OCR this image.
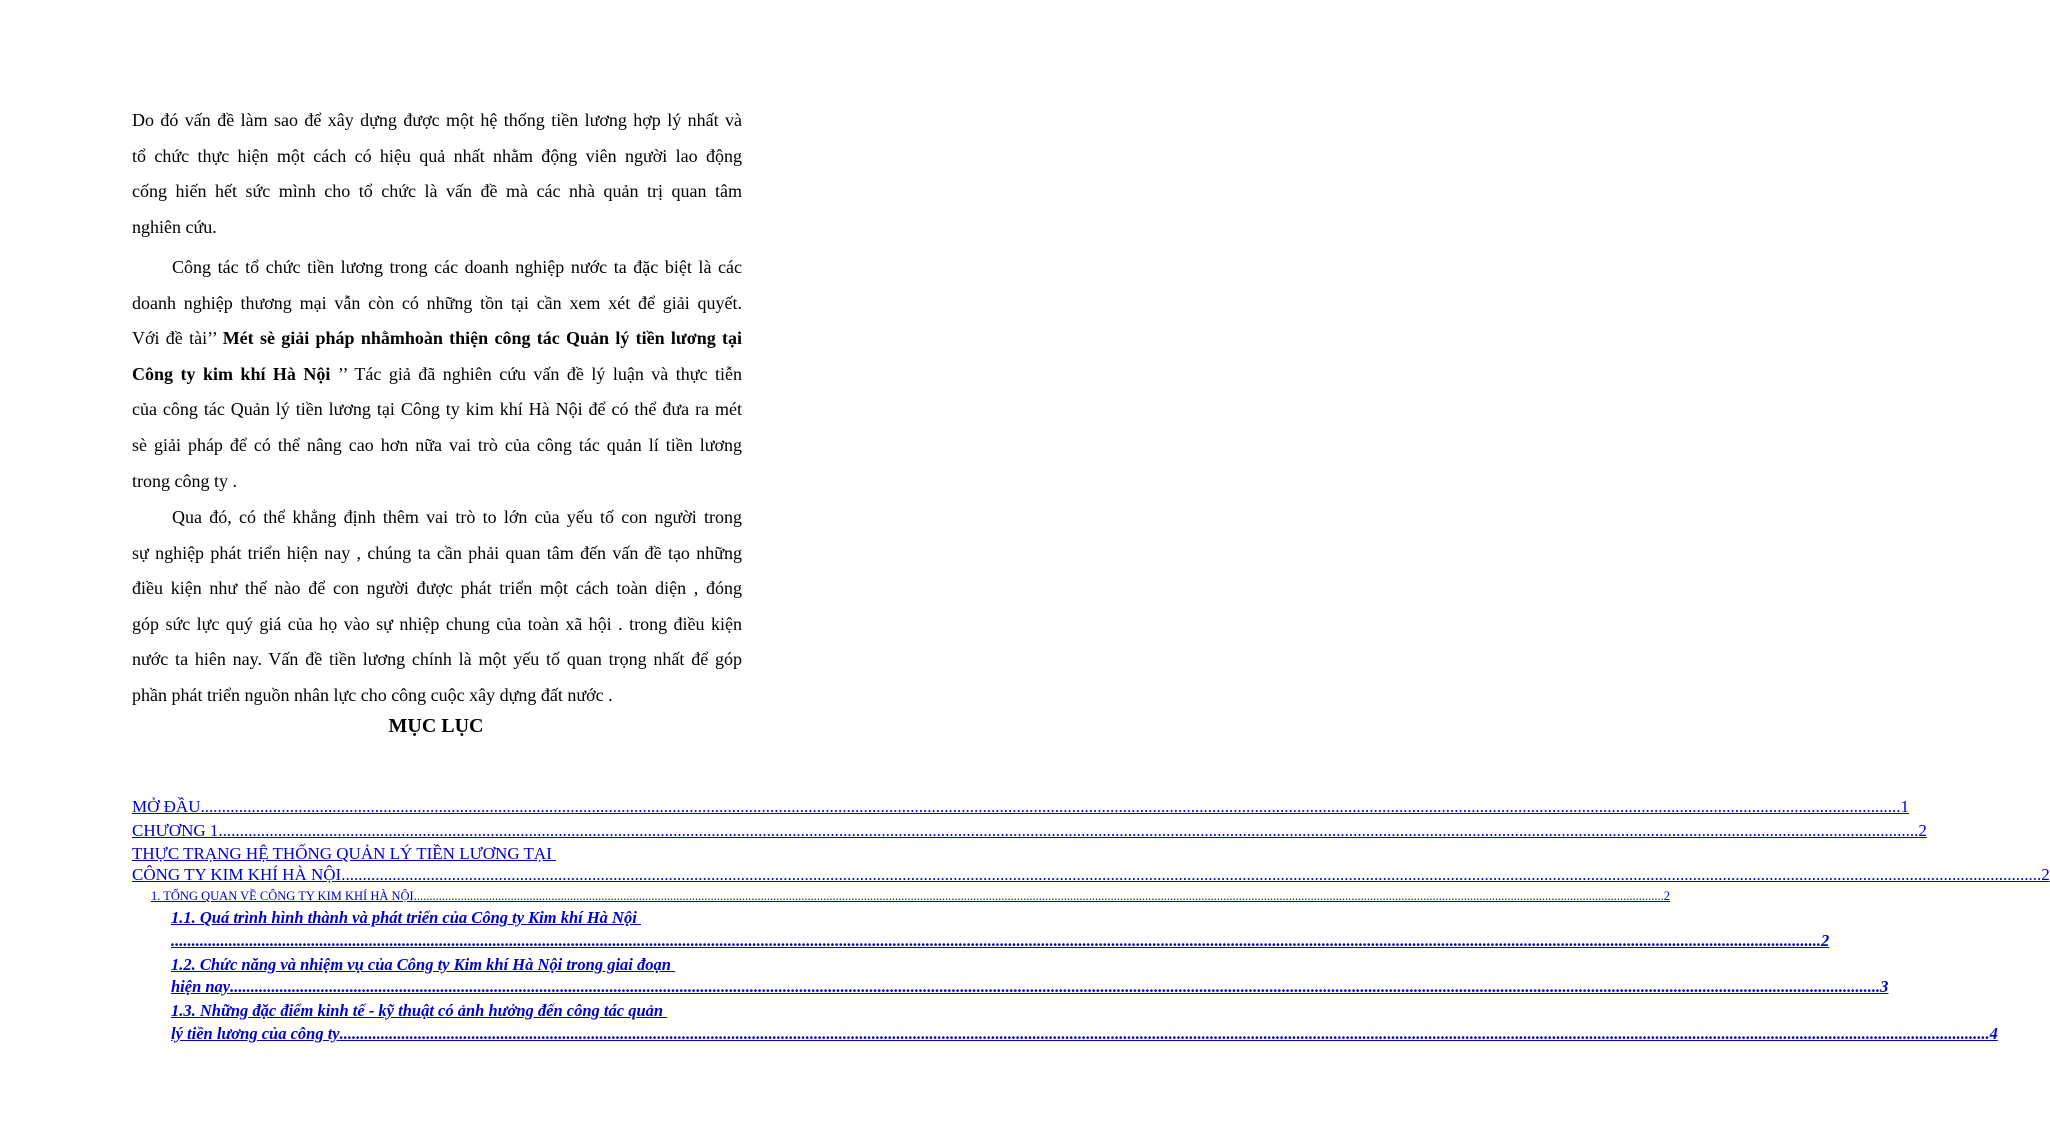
Do đó vấn đề làm sao để xây dựng được một hệ thống tiền lương hợp lý nhất và
tổ chức thực hiện một cách có hiệu quả nhất nhằm động viên người lao động
cống hiến hết sức mình cho tổ chức là vấn đề mà các nhà quản trị quan tâm
nghiên cứu.
Công tác tổ chức tiền lương trong các doanh nghiệp nước ta đặc biệt là các
doanh nghiệp thương mại vẫn còn có những tồn tại cần xem xét để giải quyết.
Với đề tài’’ Mét sè giải pháp nhằmhoàn thiện công tác Quản lý tiền lương tại
Công ty kim khí Hà Nội ’’ Tác giả đã nghiên cứu vấn đề lý luận và thực tiễn
của công tác Quản lý tiền lương tại Công ty kim khí Hà Nội để có thể đưa ra mét
sè giải pháp để có thể nâng cao hơn nữa vai trò của công tác quản lí tiền lương
trong công ty .
Qua đó, có thể khẳng định thêm vai trò to lớn của yếu tố con người trong
sự nghiệp phát triển hiện nay , chúng ta cần phải quan tâm đến vấn đề tạo những
điều kiện như thế nào để con người được phát triển một cách toàn diện , đóng
góp sức lực quý giá của họ vào sự nhiệp chung của toàn xã hội . trong điều kiện
nước ta hiên nay. Vấn đề tiền lương chính là một yếu tố quan trọng nhất để góp
phần phát triển nguồn nhân lực cho công cuộc xây dựng đất nước .
MỤC LỤC
MỞ ĐẦU ................................................................................................................................................................................................................................................................................................................................................................................................................ 1
CHƯƠNG 1 ................................................................................................................................................................................................................................................................................................................................................................................................................ 2
THỰC TRẠNG HỆ THỐNG QUẢN LÝ TIỀN LƯƠNG TẠI

CÔNG TY KIM KHÍ HÀ NỘI ................................................................................................................................................................................................................................................................................................................................................................................................................ 2
1. TỔNG QUAN VỀ CÔNG TY KIM KHÍ HÀ NỘI ................................................................................................................................................................................................................................................................................................................................................................................................................ 2
1.1. Quá trình hình thành và phát triển của Công ty Kim khí Hà Nội

................................................................................................................................................................................................................................................................................................................................................................................................................ 2
1.2. Chức năng và nhiệm vụ của Công ty Kim khí Hà Nội trong giai đoạn

hiện nay ................................................................................................................................................................................................................................................................................................................................................................................................................ 3
1.3. Những đặc điểm kinh tế - kỹ thuật có ảnh hưởng đến công tác quản

lý tiền lương của công ty ................................................................................................................................................................................................................................................................................................................................................................................................................ 4
